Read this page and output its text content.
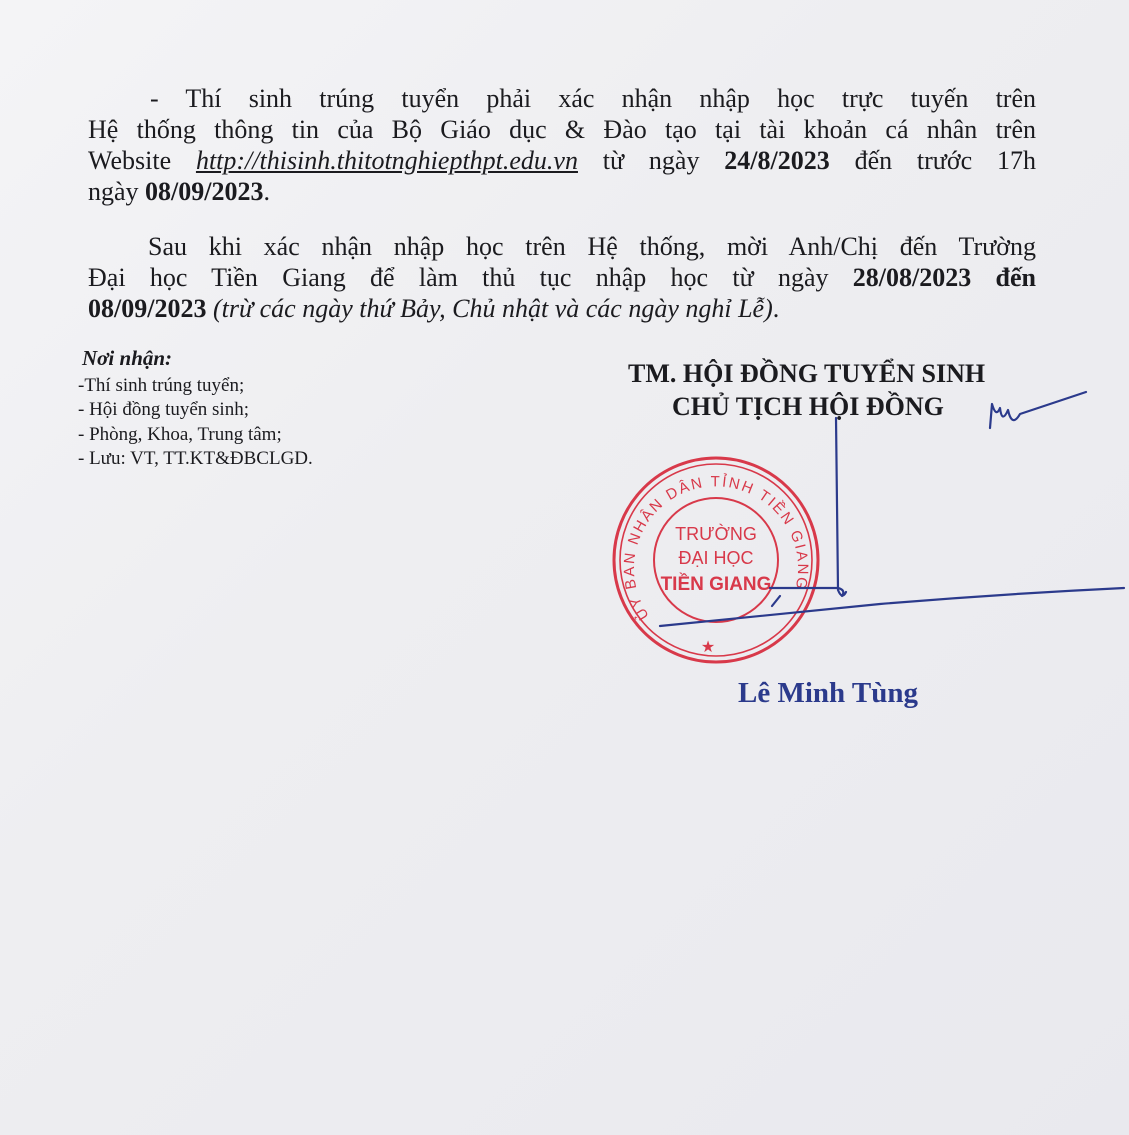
- Thí sinh trúng tuyển phải xác nhận nhập học trực tuyến trên
Hệ thống thông tin của Bộ Giáo dục & Đào tạo tại tài khoản cá nhân trên
Website http://thisinh.thitotnghiepthpt.edu.vn từ ngày 24/8/2023 đến trước 17h
ngày 08/09/2023.
Sau khi xác nhận nhập học trên Hệ thống, mời Anh/Chị đến Trường
Đại học Tiền Giang để làm thủ tục nhập học từ ngày 28/08/2023 đến
08/09/2023 (trừ các ngày thứ Bảy, Chủ nhật và các ngày nghỉ Lễ).
Nơi nhận:
-Thí sinh trúng tuyển;
- Hội đồng tuyển sinh;
- Phòng, Khoa, Trung tâm;
- Lưu: VT, TT.KT&ĐBCLGD.
TM. HỘI ĐỒNG TUYỂN SINH
CHỦ TỊCH HỘI ĐỒNG
ỦY BAN NHÂN DÂN TỈNH TIỀN GIANG
TRƯỜNG
ĐẠI HỌC
TIỀN GIANG
★
Lê Minh Tùng
